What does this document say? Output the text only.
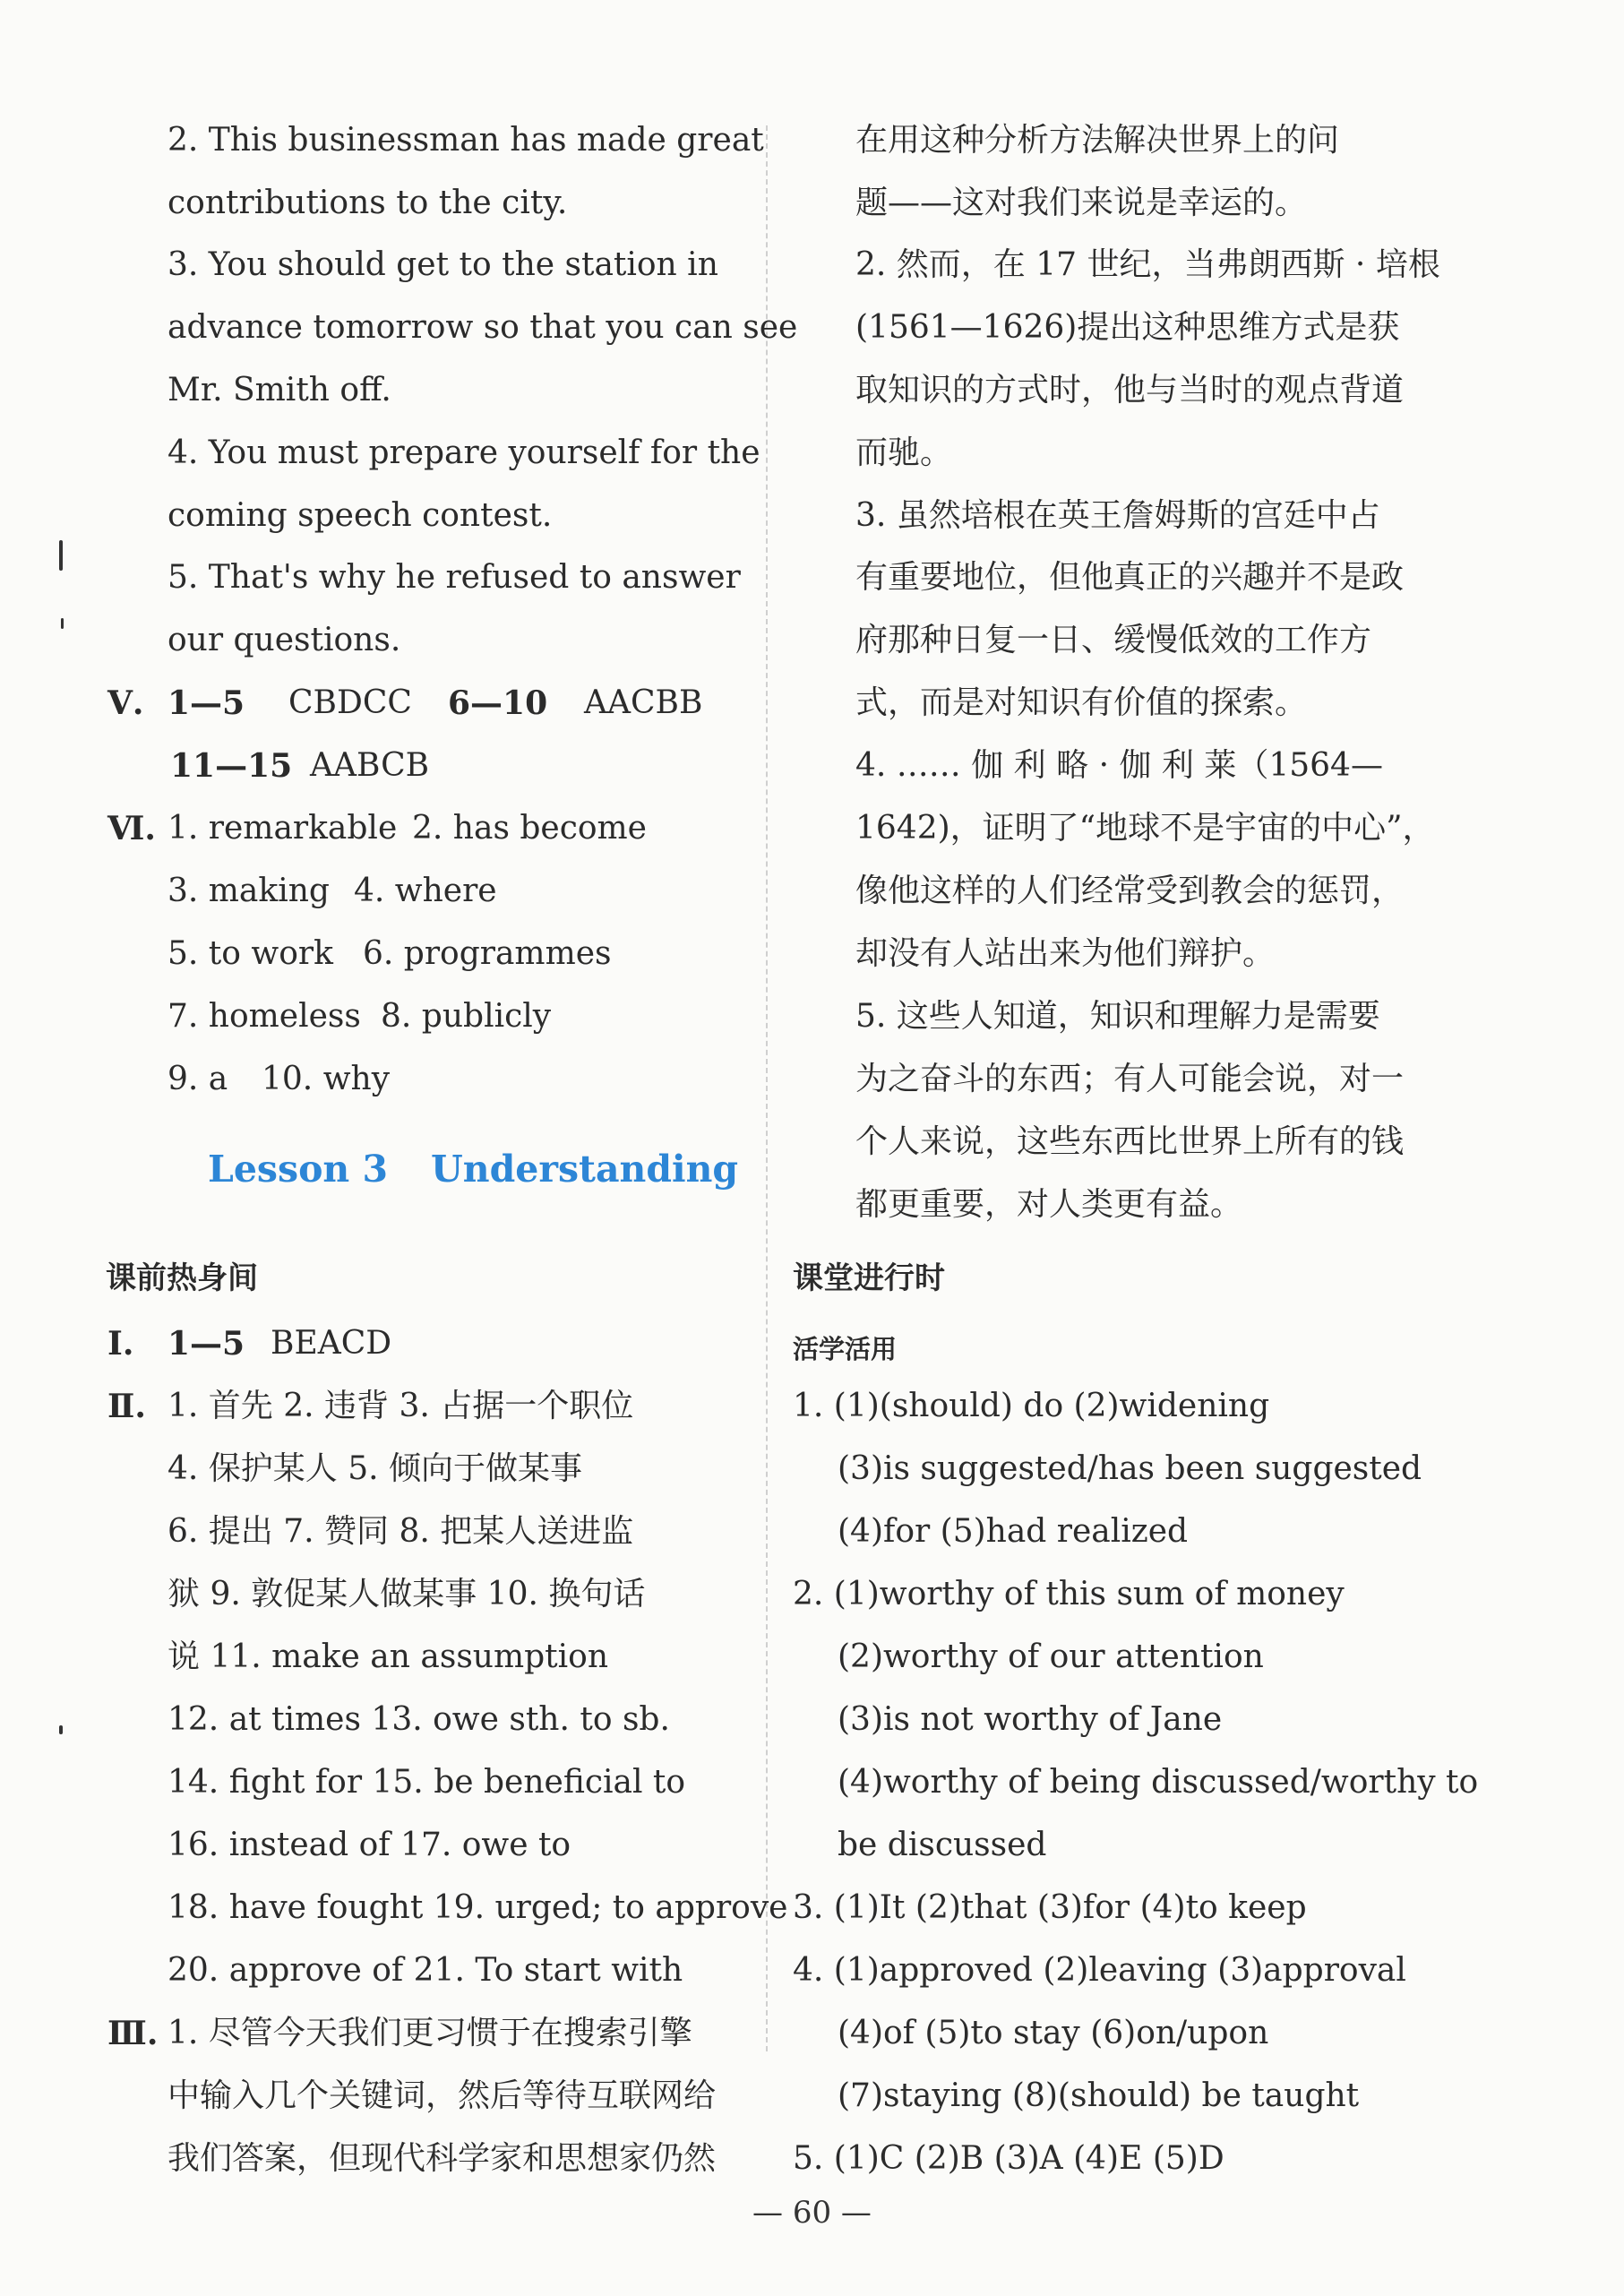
2. This businessman has made great
contributions to the city.
3. You should get to the station in
advance tomorrow so that you can see
Mr. Smith off.
4. You must prepare yourself for the
coming speech contest.
5. That's why he refused to answer
our questions.
Ⅴ. 1—5 CBDCC 6—10 AACBB
11—15 AABCB
Ⅵ. 1. remarkable 2. has become
3. making 4. where
5. to work 6. programmes
7. homeless 8. publicly
9. a 10. why
Lesson 3 Understanding
课前热身间
Ⅰ. 1—5 BEACD
Ⅱ. 1. 首先 2. 违背 3. 占据一个职位
4. 保护某人 5. 倾向于做某事
6. 提出 7. 赞同 8. 把某人送进监
狱 9. 敦促某人做某事 10. 换句话
说 11. make an assumption
12. at times 13. owe sth. to sb.
14. fight for 15. be beneficial to
16. instead of 17. owe to
18. have fought 19. urged; to approve
20. approve of 21. To start with
Ⅲ. 1. 尽管今天我们更习惯于在搜索引擎
中输入几个关键词，然后等待互联网给
我们答案，但现代科学家和思想家仍然
在用这种分析方法解决世界上的问
题——这对我们来说是幸运的。
2. 然而，在 17 世纪，当弗朗西斯 · 培根
(1561—1626)提出这种思维方式是获
取知识的方式时，他与当时的观点背道
而驰。
3. 虽然培根在英王詹姆斯的宫廷中占
有重要地位，但他真正的兴趣并不是政
府那种日复一日、缓慢低效的工作方
式，而是对知识有价值的探索。
4. …… 伽 利 略 · 伽 利 莱（1564—
1642)，证明了“地球不是宇宙的中心”，
像他这样的人们经常受到教会的惩罚，
却没有人站出来为他们辩护。
5. 这些人知道，知识和理解力是需要
为之奋斗的东西；有人可能会说，对一
个人来说，这些东西比世界上所有的钱
都更重要，对人类更有益。
课堂进行时
活学活用
1. (1)(should) do (2)widening
(3)is suggested/has been suggested
(4)for (5)had realized
2. (1)worthy of this sum of money
(2)worthy of our attention
(3)is not worthy of Jane
(4)worthy of being discussed/worthy to
be discussed
3. (1)It (2)that (3)for (4)to keep
4. (1)approved (2)leaving (3)approval
(4)of (5)to stay (6)on/upon
(7)staying (8)(should) be taught
5. (1)C (2)B (3)A (4)E (5)D
— 60 —
